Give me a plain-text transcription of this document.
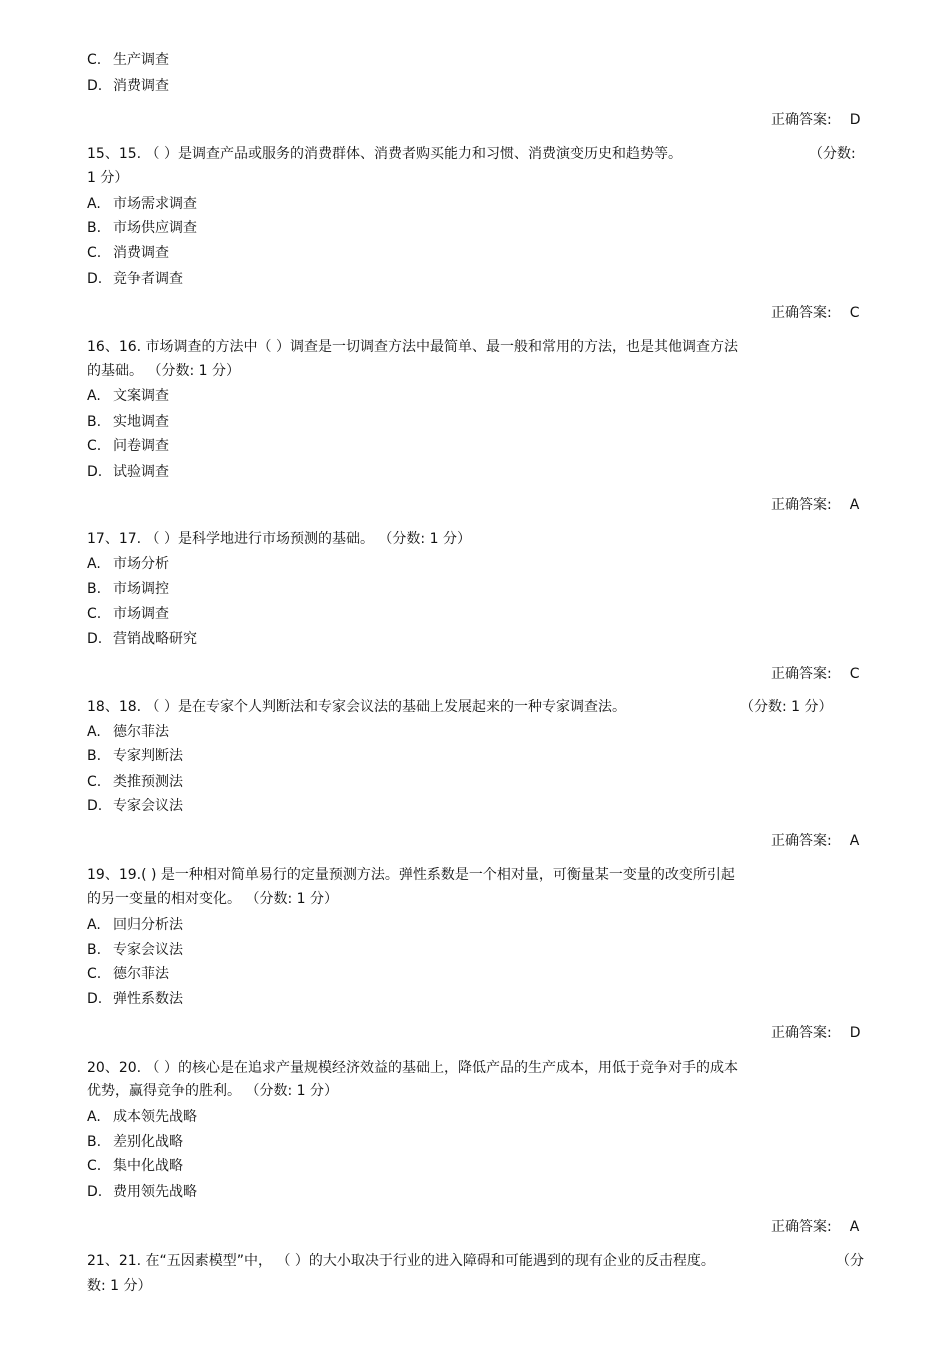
C. 生产调查
D. 消费调查
正确答案: D
15、15. （ ）是调查产品或服务的消费群体、消费者购买能力和习惯、消费演变历史和趋势等。	（分数:
1 分）
A. 市场需求调查
B. 市场供应调查
C. 消费调查
D. 竞争者调查
正确答案: C
16、16. 市场调查的方法中（ ）调查是一切调查方法中最简单、最一般和常用的方法，也是其他调查方法
的基础。 （分数: 1 分）
A. 文案调查
B. 实地调查
C. 问卷调查
D. 试验调查
正确答案: A
17、17. （ ）是科学地进行市场预测的基础。 （分数: 1 分）
A. 市场分析
B. 市场调控
C. 市场调查
D. 营销战略研究
正确答案: C
18、18. （ ）是在专家个人判断法和专家会议法的基础上发展起来的一种专家调查法。	（分数: 1 分）
A. 德尔菲法
B. 专家判断法
C. 类推预测法
D. 专家会议法
正确答案: A
19、19.( ) 是一种相对简单易行的定量预测方法。弹性系数是一个相对量，可衡量某一变量的改变所引起
的另一变量的相对变化。 （分数: 1 分）
A. 回归分析法
B. 专家会议法
C. 德尔菲法
D. 弹性系数法
正确答案: D
20、20. （ ）的核心是在追求产量规模经济效益的基础上，降低产品的生产成本，用低于竞争对手的成本
优势，赢得竞争的胜利。 （分数: 1 分）
A. 成本领先战略
B. 差别化战略
C. 集中化战略
D. 费用领先战略
正确答案: A
21、21. 在“五因素模型”中， （ ）的大小取决于行业的进入障碍和可能遇到的现有企业的反击程度。	（分
数: 1 分）
